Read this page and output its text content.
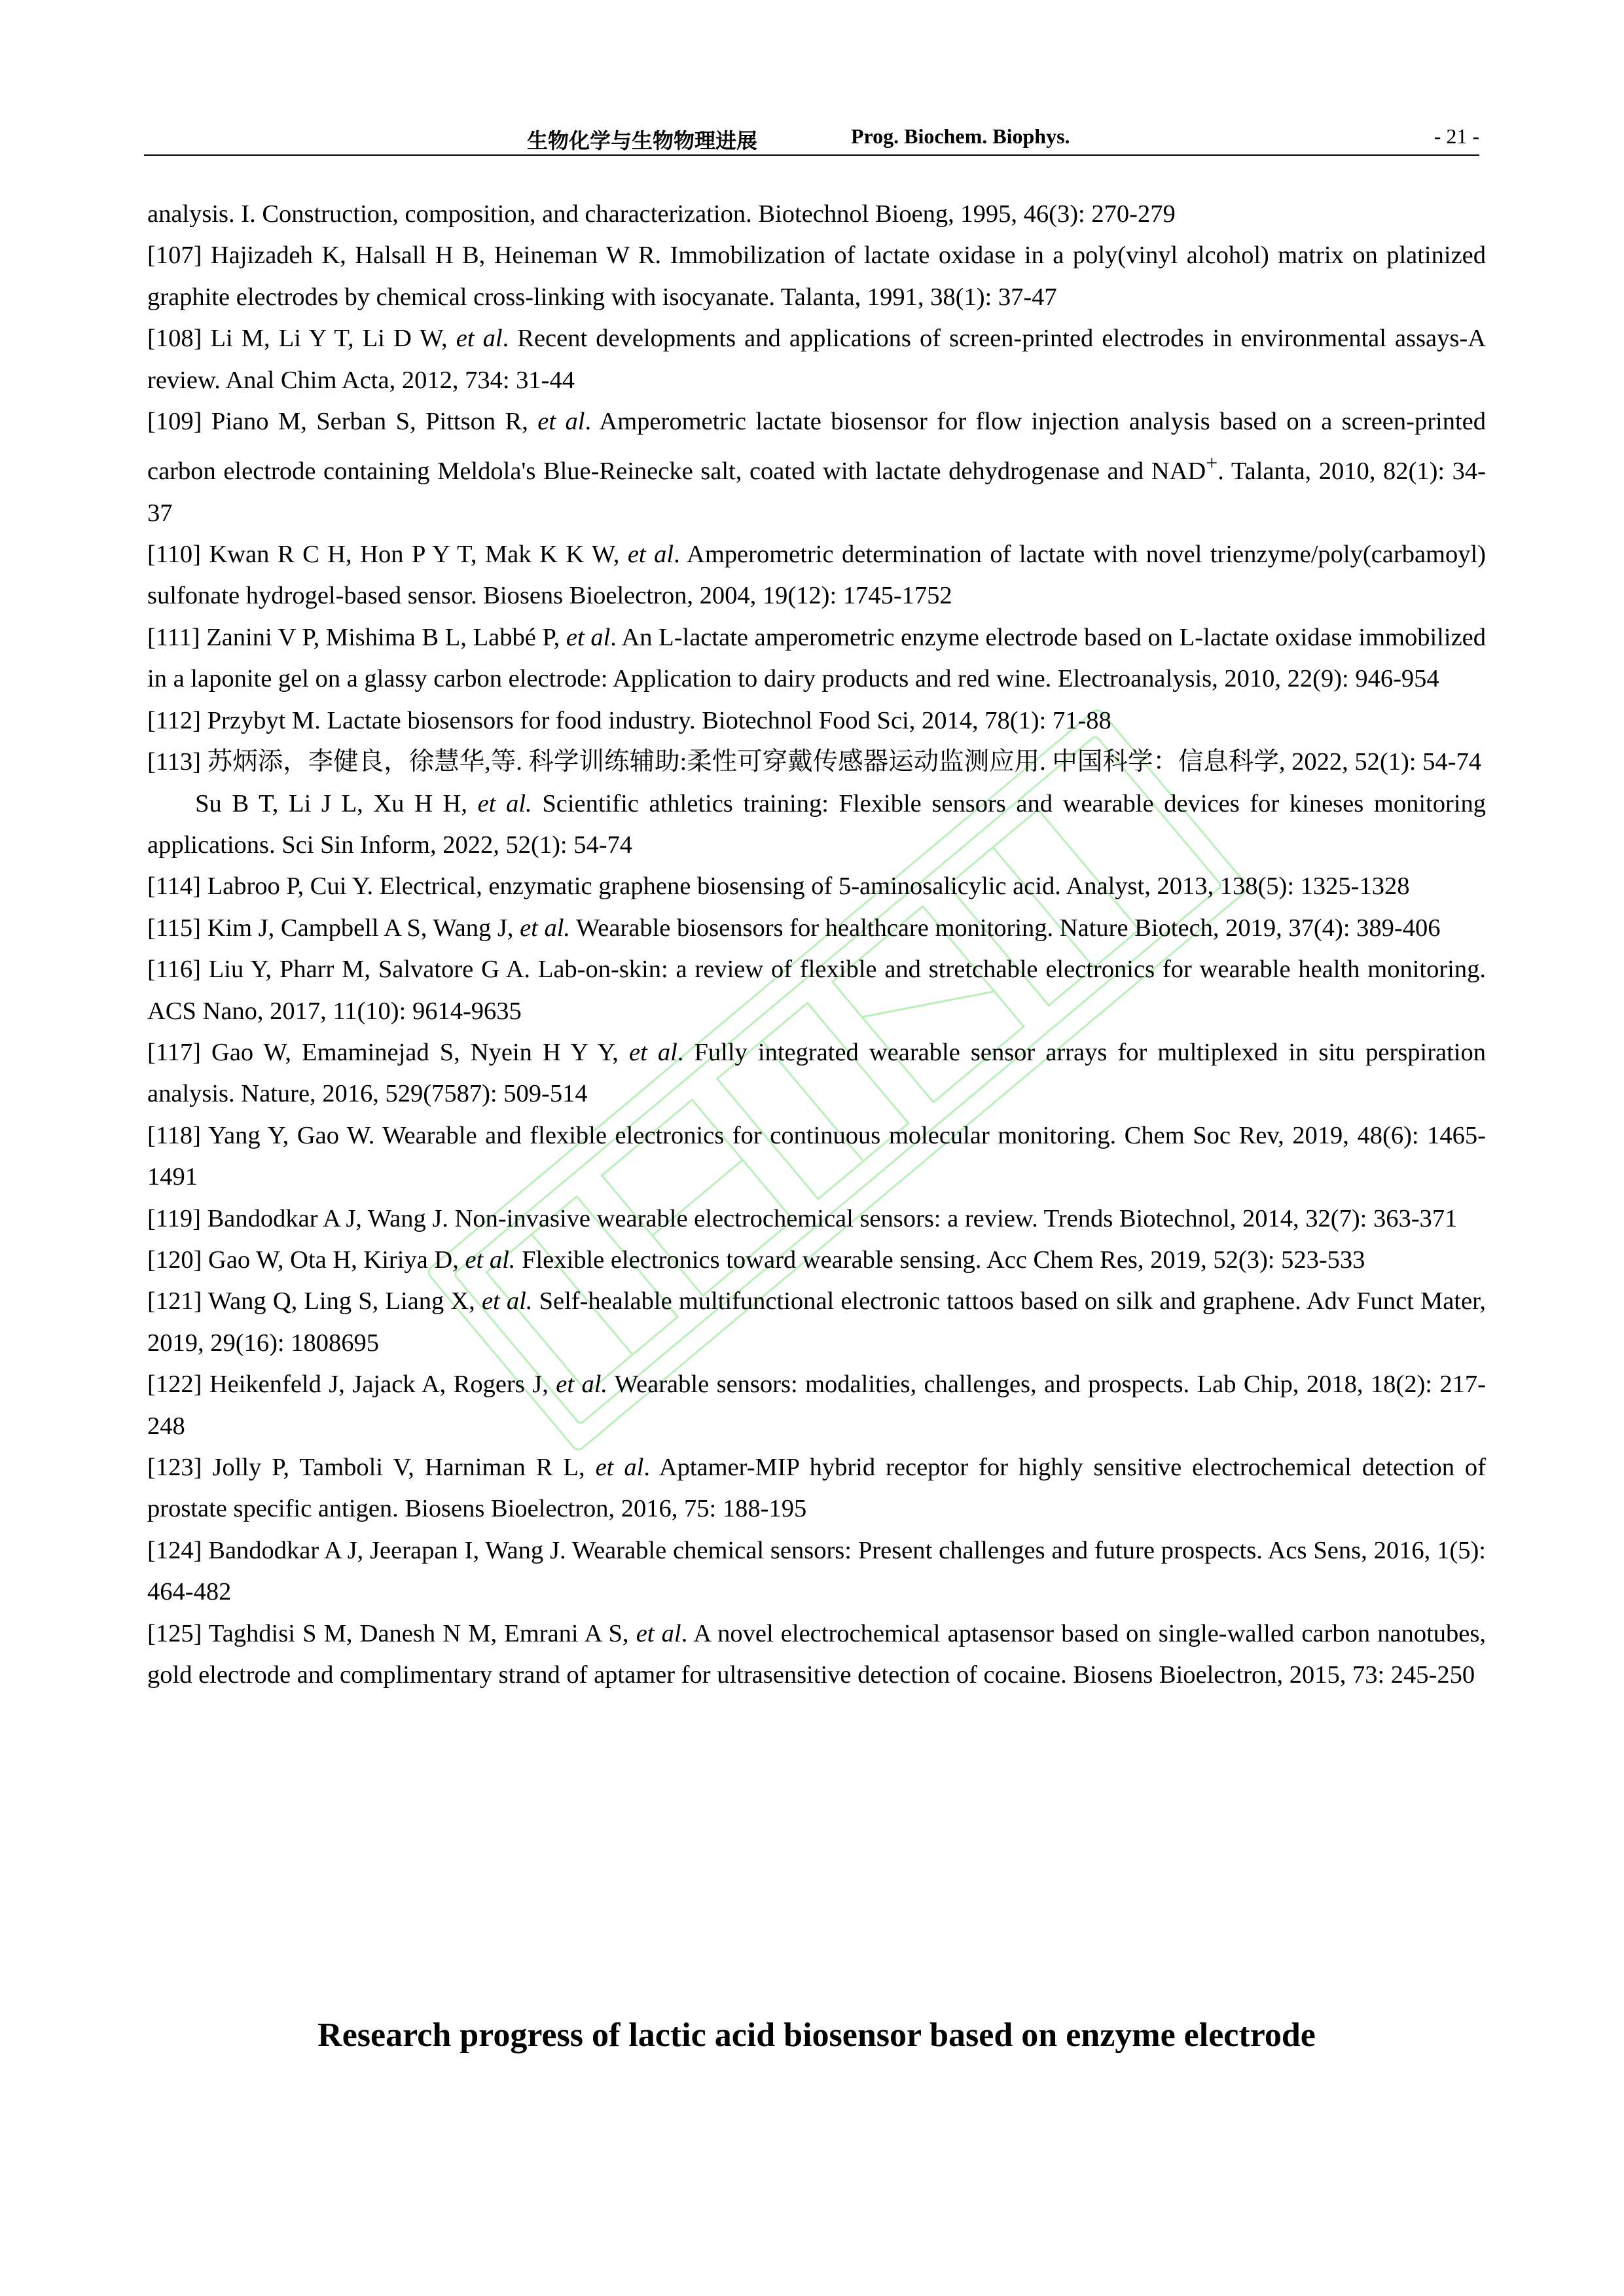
生物化学与生物物理进展	Prog. Biochem. Biophys.	- 21 -
analysis. I. Construction, composition, and characterization. Biotechnol Bioeng, 1995, 46(3): 270-279
[107] Hajizadeh K, Halsall H B, Heineman W R. Immobilization of lactate oxidase in a poly(vinyl alcohol) matrix on platinized graphite electrodes by chemical cross-linking with isocyanate. Talanta, 1991, 38(1): 37-47
[108] Li M, Li Y T, Li D W, et al. Recent developments and applications of screen-printed electrodes in environmental assays-A review. Anal Chim Acta, 2012, 734: 31-44
[109] Piano M, Serban S, Pittson R, et al. Amperometric lactate biosensor for flow injection analysis based on a screen-printed carbon electrode containing Meldola's Blue-Reinecke salt, coated with lactate dehydrogenase and NAD+. Talanta, 2010, 82(1): 34-37
[110] Kwan R C H, Hon P Y T, Mak K K W, et al. Amperometric determination of lactate with novel trienzyme/poly(carbamoyl) sulfonate hydrogel-based sensor. Biosens Bioelectron, 2004, 19(12): 1745-1752
[111] Zanini V P, Mishima B L, Labbé P, et al. An L-lactate amperometric enzyme electrode based on L-lactate oxidase immobilized in a laponite gel on a glassy carbon electrode: Application to dairy products and red wine. Electroanalysis, 2010, 22(9): 946-954
[112] Przybyt M. Lactate biosensors for food industry. Biotechnol Food Sci, 2014, 78(1): 71-88
[113] 苏炳添，李健良，徐慧华,等. 科学训练辅助:柔性可穿戴传感器运动监测应用. 中国科学：信息科学, 2022, 52(1): 54-74
Su B T, Li J L, Xu H H, et al. Scientific athletics training: Flexible sensors and wearable devices for kineses monitoring applications. Sci Sin Inform, 2022, 52(1): 54-74
[114] Labroo P, Cui Y. Electrical, enzymatic graphene biosensing of 5-aminosalicylic acid. Analyst, 2013, 138(5): 1325-1328
[115] Kim J, Campbell A S, Wang J, et al. Wearable biosensors for healthcare monitoring. Nature Biotech, 2019, 37(4): 389-406
[116] Liu Y, Pharr M, Salvatore G A. Lab-on-skin: a review of flexible and stretchable electronics for wearable health monitoring. ACS Nano, 2017, 11(10): 9614-9635
[117] Gao W, Emaminejad S, Nyein H Y Y, et al. Fully integrated wearable sensor arrays for multiplexed in situ perspiration analysis. Nature, 2016, 529(7587): 509-514
[118] Yang Y, Gao W. Wearable and flexible electronics for continuous molecular monitoring. Chem Soc Rev, 2019, 48(6): 1465-1491
[119] Bandodkar A J, Wang J. Non-invasive wearable electrochemical sensors: a review. Trends Biotechnol, 2014, 32(7): 363-371
[120] Gao W, Ota H, Kiriya D, et al. Flexible electronics toward wearable sensing. Acc Chem Res, 2019, 52(3): 523-533
[121] Wang Q, Ling S, Liang X, et al. Self-healable multifunctional electronic tattoos based on silk and graphene. Adv Funct Mater, 2019, 29(16): 1808695
[122] Heikenfeld J, Jajack A, Rogers J, et al. Wearable sensors: modalities, challenges, and prospects. Lab Chip, 2018, 18(2): 217-248
[123] Jolly P, Tamboli V, Harniman R L, et al. Aptamer-MIP hybrid receptor for highly sensitive electrochemical detection of prostate specific antigen. Biosens Bioelectron, 2016, 75: 188-195
[124] Bandodkar A J, Jeerapan I, Wang J. Wearable chemical sensors: Present challenges and future prospects. Acs Sens, 2016, 1(5): 464-482
[125] Taghdisi S M, Danesh N M, Emrani A S, et al. A novel electrochemical aptasensor based on single-walled carbon nanotubes, gold electrode and complimentary strand of aptamer for ultrasensitive detection of cocaine. Biosens Bioelectron, 2015, 73: 245-250
Research progress of lactic acid biosensor based on enzyme electrode
